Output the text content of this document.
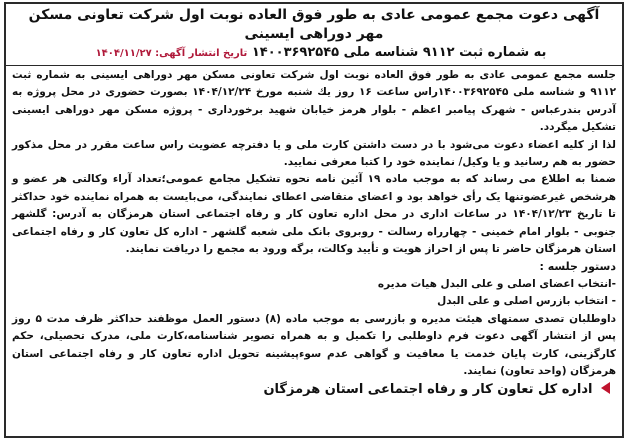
آگهی دعوت مجمع عمومی عادی به طور فوق العاده نوبت اول شرکت تعاونی مسکن مهر دوراهی ایسینی
به شماره ثبت ۹۱۱۲ شناسه ملی ۱۴۰۰۳۶۹۲۵۴۵ تاریخ انتشار آگهی: ۱۴۰۴/۱۱/۲۷

جلسه مجمع عمومی عادی به طور فوق العاده نوبت اول شرکت تعاونی مسکن مهر دوراهی ایسینی به شماره ثبت ۹۱۱۲ و شناسه ملی ۱۴۰۰۳۶۹۲۵۴۵راس ساعت ۱۶ روز یك شنبه مورخ ۱۴۰۴/۱۲/۲۴ بصورت حضوری در محل پروژه به آدرس بندرعباس - شهرک پیامبر اعظم - بلوار هرمز خیابان شهید برخورداری - پروژه مسکن مهر دوراهی ایسینی تشکیل میگردد.

لذا از کلیه اعضاء دعوت می‌شود با در دست داشتن کارت ملی و یا دفترچه عضویت راس ساعت مقرر در محل مذکور حضور به هم رسانید و یا وکیل/ نماینده خود را کتبا معرفی نمایید.

ضمنا به اطلاع می رساند که به موجب ماده ۱۹ آئین نامه نحوه تشکیل مجامع عمومی؛تعداد آراء وکالتی هر عضو و هرشخص غیرعضوتنها یک رأی خواهد بود و اعضای متقاضی اعطای نمایندگی، می‌بایست به همراه نماینده خود حداکثر تا تاریخ ۱۴۰۴/۱۲/۲۳ در ساعات اداری در محل اداره تعاون کار و رفاه اجتماعی استان هرمزگان به آدرس: گلشهر جنوبی - بلوار امام خمینی - چهارراه رسالت - روبروی بانک ملی شعبه گلشهر - اداره کل تعاون کار و رفاه اجتماعی استان هرمزگان حاضر تا پس از احراز هویت و تأیید وکالت، برگه ورود به مجمع را دریافت نمایند.

دستور جلسه :
-انتخاب اعضای اصلی و علی البدل هیات مدیره
- انتخاب بازرس اصلی و علی البدل

داوطلبان تصدی سمتهای هیئت مدیره و بازرسی به موجب ماده (۸) دستور العمل موظفند حداکثر ظرف مدت ۵ روز پس از انتشار آگهی دعوت فرم داوطلبی را تکمیل و به همراه تصویر شناسنامه،کارت ملی، مدرک تحصیلی، حکم کارگزینی، کارت پایان خدمت یا معافیت و گواهی عدم سوءپیشینه تحویل اداره تعاون کار و رفاه اجتماعی استان هرمزگان (واحد تعاون) نمایند.

اداره کل تعاون کار و رفاه اجتماعی استان هرمزگان
